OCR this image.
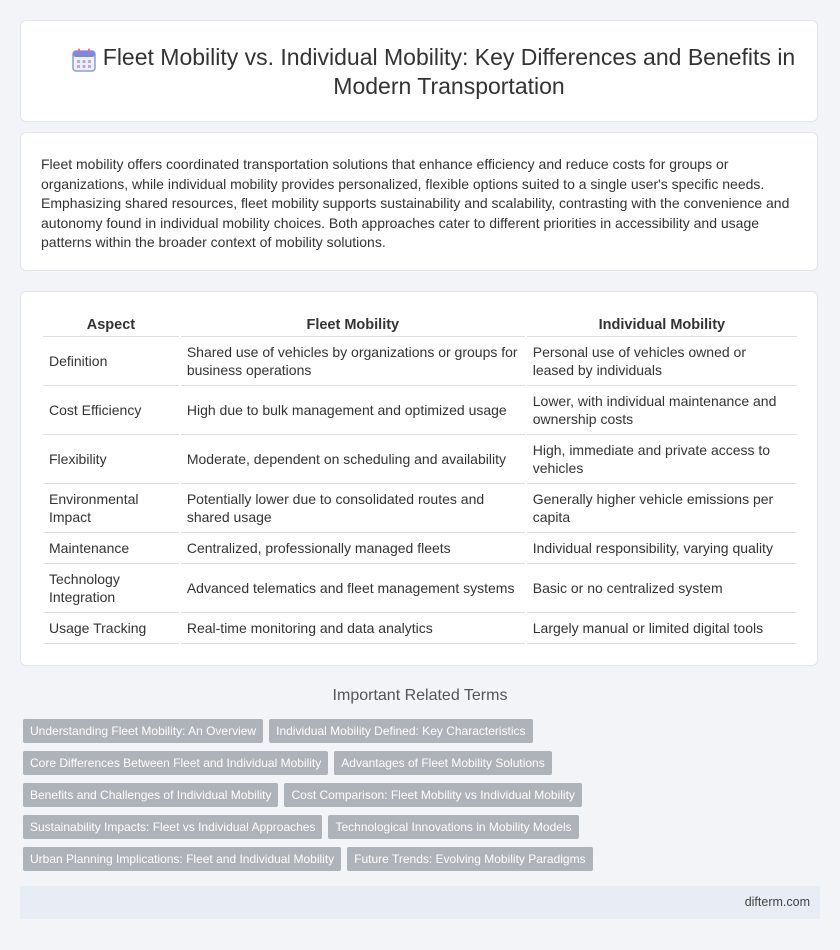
Fleet Mobility vs. Individual Mobility: Key Differences and Benefits in Modern Transportation

Fleet mobility offers coordinated transportation solutions that enhance efficiency and reduce costs for groups or organizations, while individual mobility provides personalized, flexible options suited to a single user's specific needs. Emphasizing shared resources, fleet mobility supports sustainability and scalability, contrasting with the convenience and autonomy found in individual mobility choices. Both approaches cater to different priorities in accessibility and usage patterns within the broader context of mobility solutions.

Aspect	Fleet Mobility	Individual Mobility
Definition	Shared use of vehicles by organizations or groups for business operations	Personal use of vehicles owned or leased by individuals
Cost Efficiency	High due to bulk management and optimized usage	Lower, with individual maintenance and ownership costs
Flexibility	Moderate, dependent on scheduling and availability	High, immediate and private access to vehicles
Environmental Impact	Potentially lower due to consolidated routes and shared usage	Generally higher vehicle emissions per capita
Maintenance	Centralized, professionally managed fleets	Individual responsibility, varying quality
Technology Integration	Advanced telematics and fleet management systems	Basic or no centralized system
Usage Tracking	Real-time monitoring and data analytics	Largely manual or limited digital tools
Important Related Terms
Understanding Fleet Mobility: An Overview Individual Mobility Defined: Key Characteristics
Core Differences Between Fleet and Individual Mobility Advantages of Fleet Mobility Solutions
Benefits and Challenges of Individual Mobility Cost Comparison: Fleet Mobility vs Individual Mobility
Sustainability Impacts: Fleet vs Individual Approaches Technological Innovations in Mobility Models
Urban Planning Implications: Fleet and Individual Mobility Future Trends: Evolving Mobility Paradigms
difterm.com
